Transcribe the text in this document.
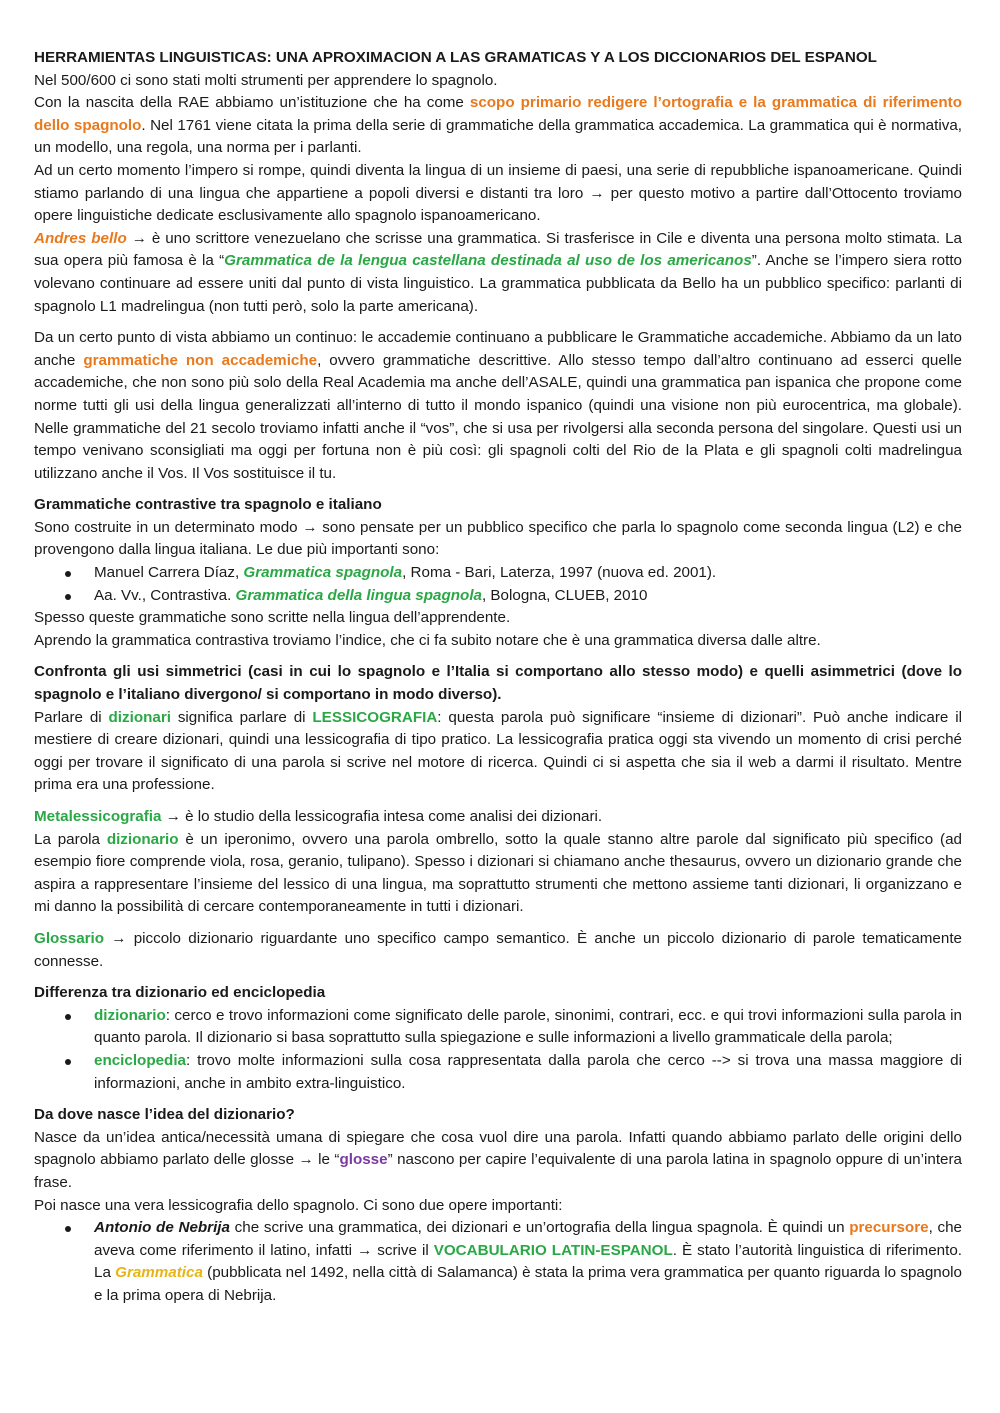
HERRAMIENTAS LINGUISTICAS: UNA APROXIMACION A LAS GRAMATICAS Y A LOS DICCIONARIOS DEL ESPANOL

Nel 500/600 ci sono stati molti strumenti per apprendere lo spagnolo.

Con la nascita della RAE abbiamo un’istituzione che ha come scopo primario redigere l’ortografia e la grammatica di riferimento dello spagnolo. Nel 1761 viene citata la prima della serie di grammatiche della grammatica accademica. La grammatica qui è normativa, un modello, una regola, una norma per i parlanti.

Ad un certo momento l’impero si rompe, quindi diventa la lingua di un insieme di paesi, una serie di repubbliche ispanoamericane. Quindi stiamo parlando di una lingua che appartiene a popoli diversi e distanti tra loro → per questo motivo a partire dall’Ottocento troviamo opere linguistiche dedicate esclusivamente allo spagnolo ispanoamericano.

Andres bello → è uno scrittore venezuelano che scrisse una grammatica. Si trasferisce in Cile e diventa una persona molto stimata. La sua opera più famosa è la “Grammatica de la lengua castellana destinada al uso de los americanos”. Anche se l’impero siera rotto volevano continuare ad essere uniti dal punto di vista linguistico. La grammatica pubblicata da Bello ha un pubblico specifico: parlanti di spagnolo L1 madrelingua (non tutti però, solo la parte americana).

Da un certo punto di vista abbiamo un continuo: le accademie continuano a pubblicare le Grammatiche accademiche. Abbiamo da un lato anche grammatiche non accademiche, ovvero grammatiche descrittive. Allo stesso tempo dall’altro continuano ad esserci quelle accademiche, che non sono più solo della Real Academia ma anche dell’ASALE, quindi una grammatica pan ispanica che propone come norme tutti gli usi della lingua generalizzati all’interno di tutto il mondo ispanico (quindi una visione non più eurocentrica, ma globale). Nelle grammatiche del 21 secolo troviamo infatti anche il “vos”, che si usa per rivolgersi alla seconda persona del singolare. Questi usi un tempo venivano sconsigliati ma oggi per fortuna non è più così: gli spagnoli colti del Rio de la Plata e gli spagnoli colti madrelingua utilizzano anche il Vos. Il Vos sostituisce il tu.

Grammatiche contrastive tra spagnolo e italiano

Sono costruite in un determinato modo → sono pensate per un pubblico specifico che parla lo spagnolo come seconda lingua (L2) e che provengono dalla lingua italiana. Le due più importanti sono:

Manuel Carrera Díaz, Grammatica spagnola, Roma - Bari, Laterza, 1997 (nuova ed. 2001).
Aa. Vv., Contrastiva. Grammatica della lingua spagnola, Bologna, CLUEB, 2010

Spesso queste grammatiche sono scritte nella lingua dell’apprendente.

Aprendo la grammatica contrastiva troviamo l’indice, che ci fa subito notare che è una grammatica diversa dalle altre.

Confronta gli usi simmetrici (casi in cui lo spagnolo e l’Italia si comportano allo stesso modo) e quelli asimmetrici (dove lo spagnolo e l’italiano divergono/ si comportano in modo diverso).

Parlare di dizionari significa parlare di LESSICOGRAFIA: questa parola può significare “insieme di dizionari”. Può anche indicare il mestiere di creare dizionari, quindi una lessicografia di tipo pratico. La lessicografia pratica oggi sta vivendo un momento di crisi perché oggi per trovare il significato di una parola si scrive nel motore di ricerca. Quindi ci si aspetta che sia il web a darmi il risultato. Mentre prima era una professione.

Metalessicografia → è lo studio della lessicografia intesa come analisi dei dizionari.

La parola dizionario è un iperonimo, ovvero una parola ombrello, sotto la quale stanno altre parole dal significato più specifico (ad esempio fiore comprende viola, rosa, geranio, tulipano). Spesso i dizionari si chiamano anche thesaurus, ovvero un dizionario grande che aspira a rappresentare l’insieme del lessico di una lingua, ma soprattutto strumenti che mettono assieme tanti dizionari, li organizzano e mi danno la possibilità di cercare contemporaneamente in tutti i dizionari.

Glossario → piccolo dizionario riguardante uno specifico campo semantico. È anche un piccolo dizionario di parole tematicamente connesse.

Differenza tra dizionario ed enciclopedia

dizionario: cerco e trovo informazioni come significato delle parole, sinonimi, contrari, ecc. e qui trovi informazioni sulla parola in quanto parola. Il dizionario si basa soprattutto sulla spiegazione e sulle informazioni a livello grammaticale della parola;
enciclopedia: trovo molte informazioni sulla cosa rappresentata dalla parola che cerco --> si trova una massa maggiore di informazioni, anche in ambito extra-linguistico.

Da dove nasce l’idea del dizionario?

Nasce da un’idea antica/necessità umana di spiegare che cosa vuol dire una parola. Infatti quando abbiamo parlato delle origini dello spagnolo abbiamo parlato delle glosse → le “glosse” nascono per capire l’equivalente di una parola latina in spagnolo oppure di un’intera frase.

Poi nasce una vera lessicografia dello spagnolo. Ci sono due opere importanti:

Antonio de Nebrija che scrive una grammatica, dei dizionari e un’ortografia della lingua spagnola. È quindi un precursore, che aveva come riferimento il latino, infatti → scrive il VOCABULARIO LATIN-ESPANOL. È stato l’autorità linguistica di riferimento. La Grammatica (pubblicata nel 1492, nella città di Salamanca) è stata la prima vera grammatica per quanto riguarda lo spagnolo e la prima opera di Nebrija.
